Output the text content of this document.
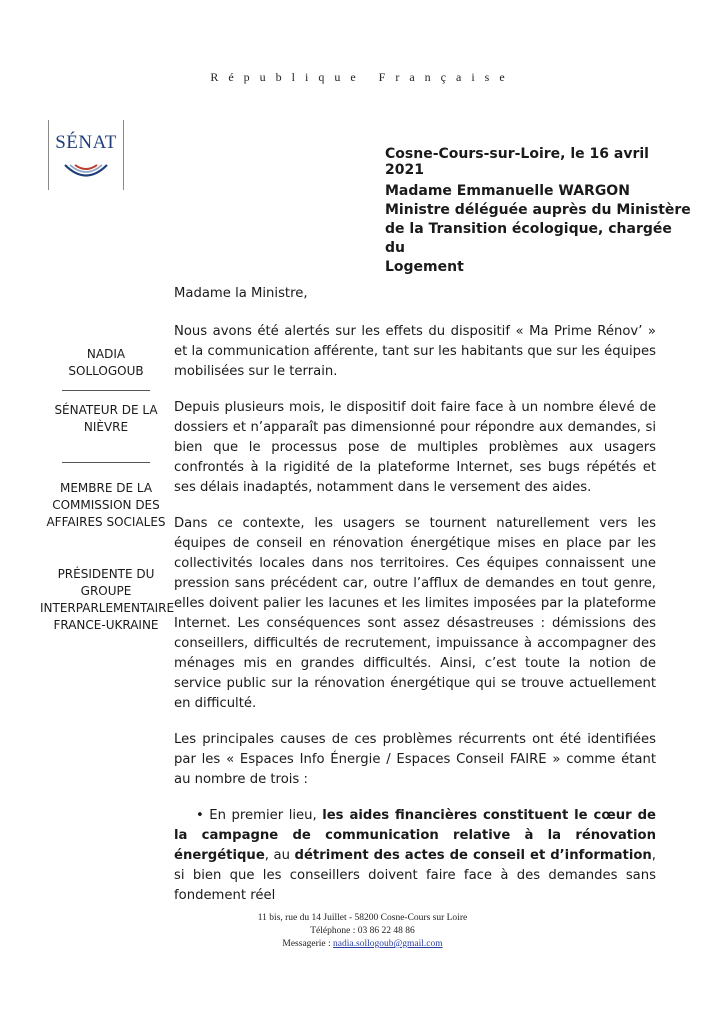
République Française
SÉNAT
Cosne-Cours-sur-Loire, le 16 avril 2021
Madame Emmanuelle WARGON
Ministre déléguée auprès du Ministère
de la Transition écologique, chargée du
Logement
NADIA
SOLLOGOUB
SÉNATEUR DE LA
NIÈVRE
MEMBRE DE LA
COMMISSION DES
AFFAIRES SOCIALES
PRÉSIDENTE DU
GROUPE
INTERPARLEMENTAIRE
FRANCE-UKRAINE

Madame la Ministre,

Nous avons été alertés sur les effets du dispositif « Ma Prime Rénov’ » et la communication afférente, tant sur les habitants que sur les équipes mobilisées sur le terrain.

Depuis plusieurs mois, le dispositif doit faire face à un nombre élevé de dossiers et n’apparaît pas dimensionné pour répondre aux demandes, si bien que le processus pose de multiples problèmes aux usagers confrontés à la rigidité de la plateforme Internet, ses bugs répétés et ses délais inadaptés, notamment dans le versement des aides.

Dans ce contexte, les usagers se tournent naturellement vers les équipes de conseil en rénovation énergétique mises en place par les collectivités locales dans nos territoires. Ces équipes connaissent une pression sans précédent car, outre l’afflux de demandes en tout genre, elles doivent palier les lacunes et les limites imposées par la plateforme Internet. Les conséquences sont assez désastreuses : démissions des conseillers, difficultés de recrutement, impuissance à accompagner des ménages mis en grandes difficultés. Ainsi, c’est toute la notion de service public sur la rénovation énergétique qui se trouve actuellement en difficulté.

Les principales causes de ces problèmes récurrents ont été identifiées par les « Espaces Info Énergie / Espaces Conseil FAIRE » comme étant au nombre de trois :

• En premier lieu, les aides financières constituent le cœur de la campagne de communication relative à la rénovation énergétique, au détriment des actes de conseil et d’information, si bien que les conseillers doivent faire face à des demandes sans fondement réel

11 bis, rue du 14 Juillet - 58200 Cosne-Cours sur Loire
Téléphone : 03 86 22 48 86
Messagerie : nadia.sollogoub@gmail.com
